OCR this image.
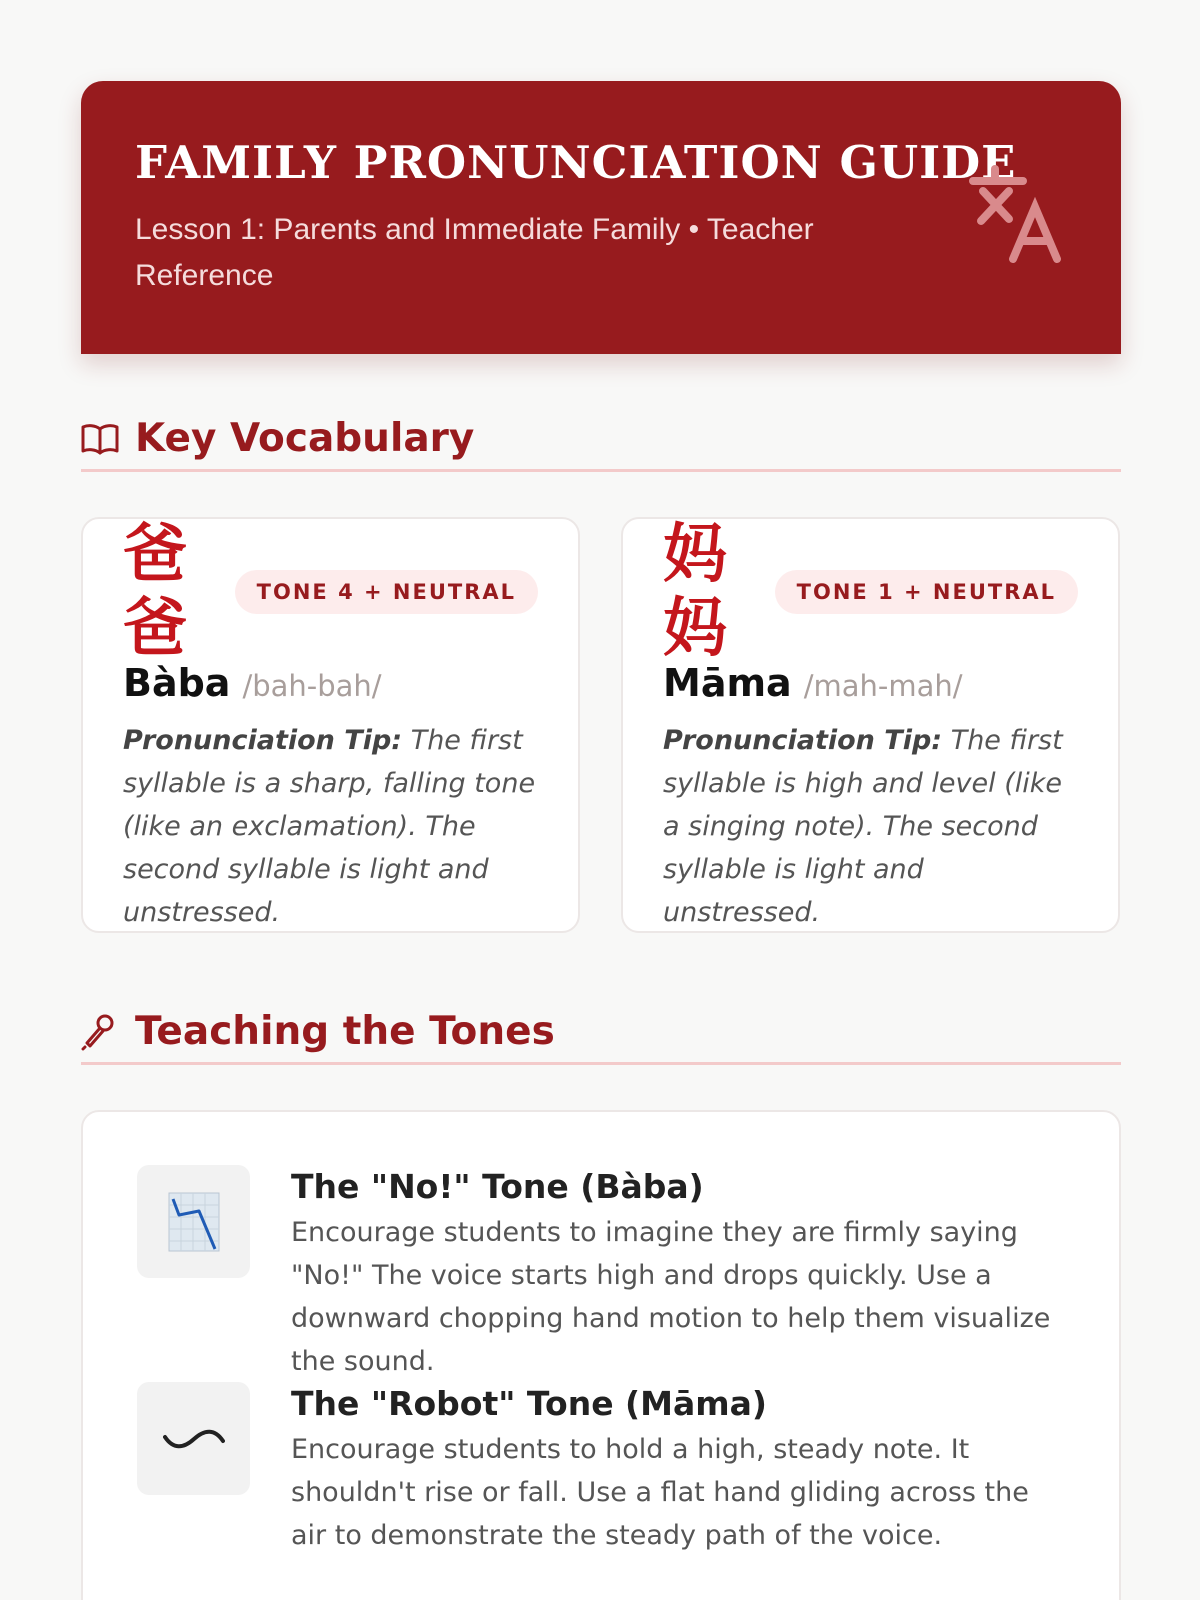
FAMILY PRONUNCIATION GUIDE
Lesson 1: Parents and Immediate Family • Teacher Reference
Key Vocabulary
爸爸	TONE 4 + NEUTRAL
Bàba /bah-bah/
Pronunciation Tip: The first syllable is a sharp, falling tone (like an exclamation). The second syllable is light and unstressed.
妈妈	TONE 1 + NEUTRAL
Māma /mah-mah/
Pronunciation Tip: The first syllable is high and level (like a singing note). The second syllable is light and unstressed.
Teaching the Tones
The "No!" Tone (Bàba)
Encourage students to imagine they are firmly saying "No!" The voice starts high and drops quickly. Use a downward chopping hand motion to help them visualize the sound.
The "Robot" Tone (Māma)
Encourage students to hold a high, steady note. It shouldn't rise or fall. Use a flat hand gliding across the air to demonstrate the steady path of the voice.
